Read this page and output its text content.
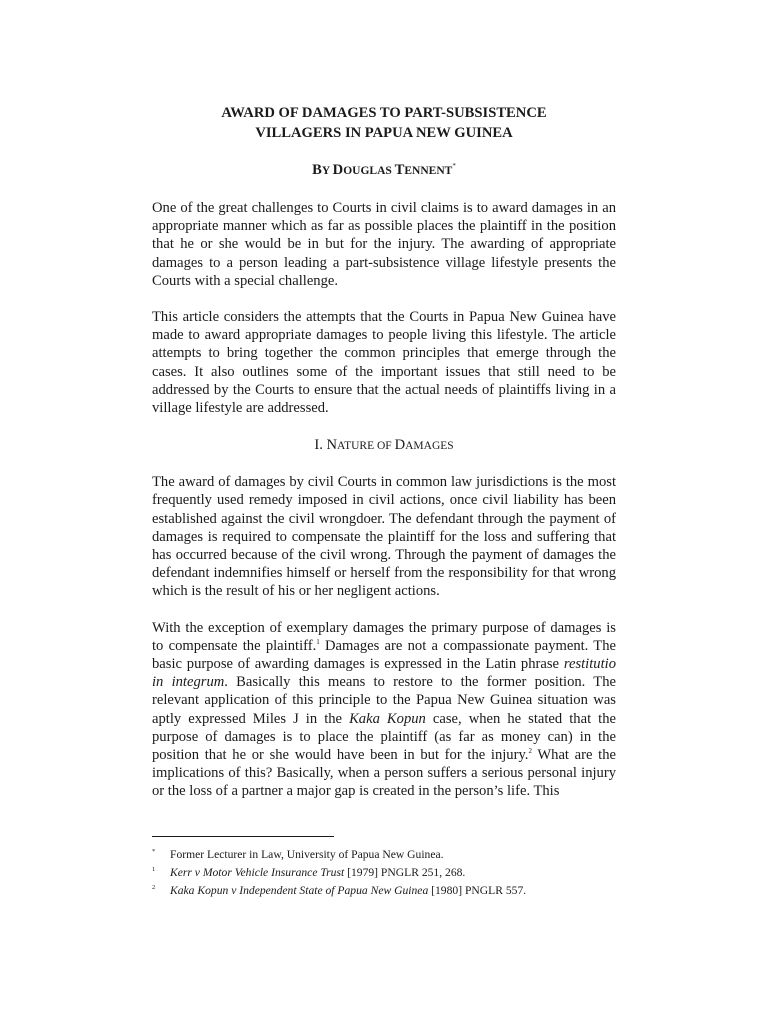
AWARD OF DAMAGES TO PART-SUBSISTENCE
VILLAGERS IN PAPUA NEW GUINEA

BY DOUGLAS TENNENT*

One of the great challenges to Courts in civil claims is to award damages in an appropriate manner which as far as possible places the plaintiff in the position that he or she would be in but for the injury. The awarding of appropriate damages to a person leading a part-subsistence village lifestyle presents the Courts with a special challenge.

This article considers the attempts that the Courts in Papua New Guinea have made to award appropriate damages to people living this lifestyle. The article attempts to bring together the common principles that emerge through the cases. It also outlines some of the important issues that still need to be addressed by the Courts to ensure that the actual needs of plaintiffs living in a village lifestyle are addressed.

I. NATURE OF DAMAGES

The award of damages by civil Courts in common law jurisdictions is the most frequently used remedy imposed in civil actions, once civil liability has been established against the civil wrongdoer. The defendant through the payment of damages is required to compensate the plaintiff for the loss and suffering that has occurred because of the civil wrong. Through the payment of damages the defendant indemnifies himself or herself from the responsibility for that wrong which is the result of his or her negligent actions.

With the exception of exemplary damages the primary purpose of damages is to compensate the plaintiff.$^1$ Damages are not a compassionate payment. The basic purpose of awarding damages is expressed in the Latin phrase restitutio in integrum. Basically this means to restore to the former position. The relevant application of this principle to the Papua New Guinea situation was aptly expressed Miles J in the Kaka Kopun case, when he stated that the purpose of damages is to place the plaintiff (as far as money can) in the position that he or she would have been in but for the injury.$^2$ What are the implications of this? Basically, when a person suffers a serious personal injury or the loss of a partner a major gap is created in the person’s life. This

* Former Lecturer in Law, University of Papua New Guinea.
1 Kerr v Motor Vehicle Insurance Trust [1979] PNGLR 251, 268.
2 Kaka Kopun v Independent State of Papua New Guinea [1980] PNGLR 557.
